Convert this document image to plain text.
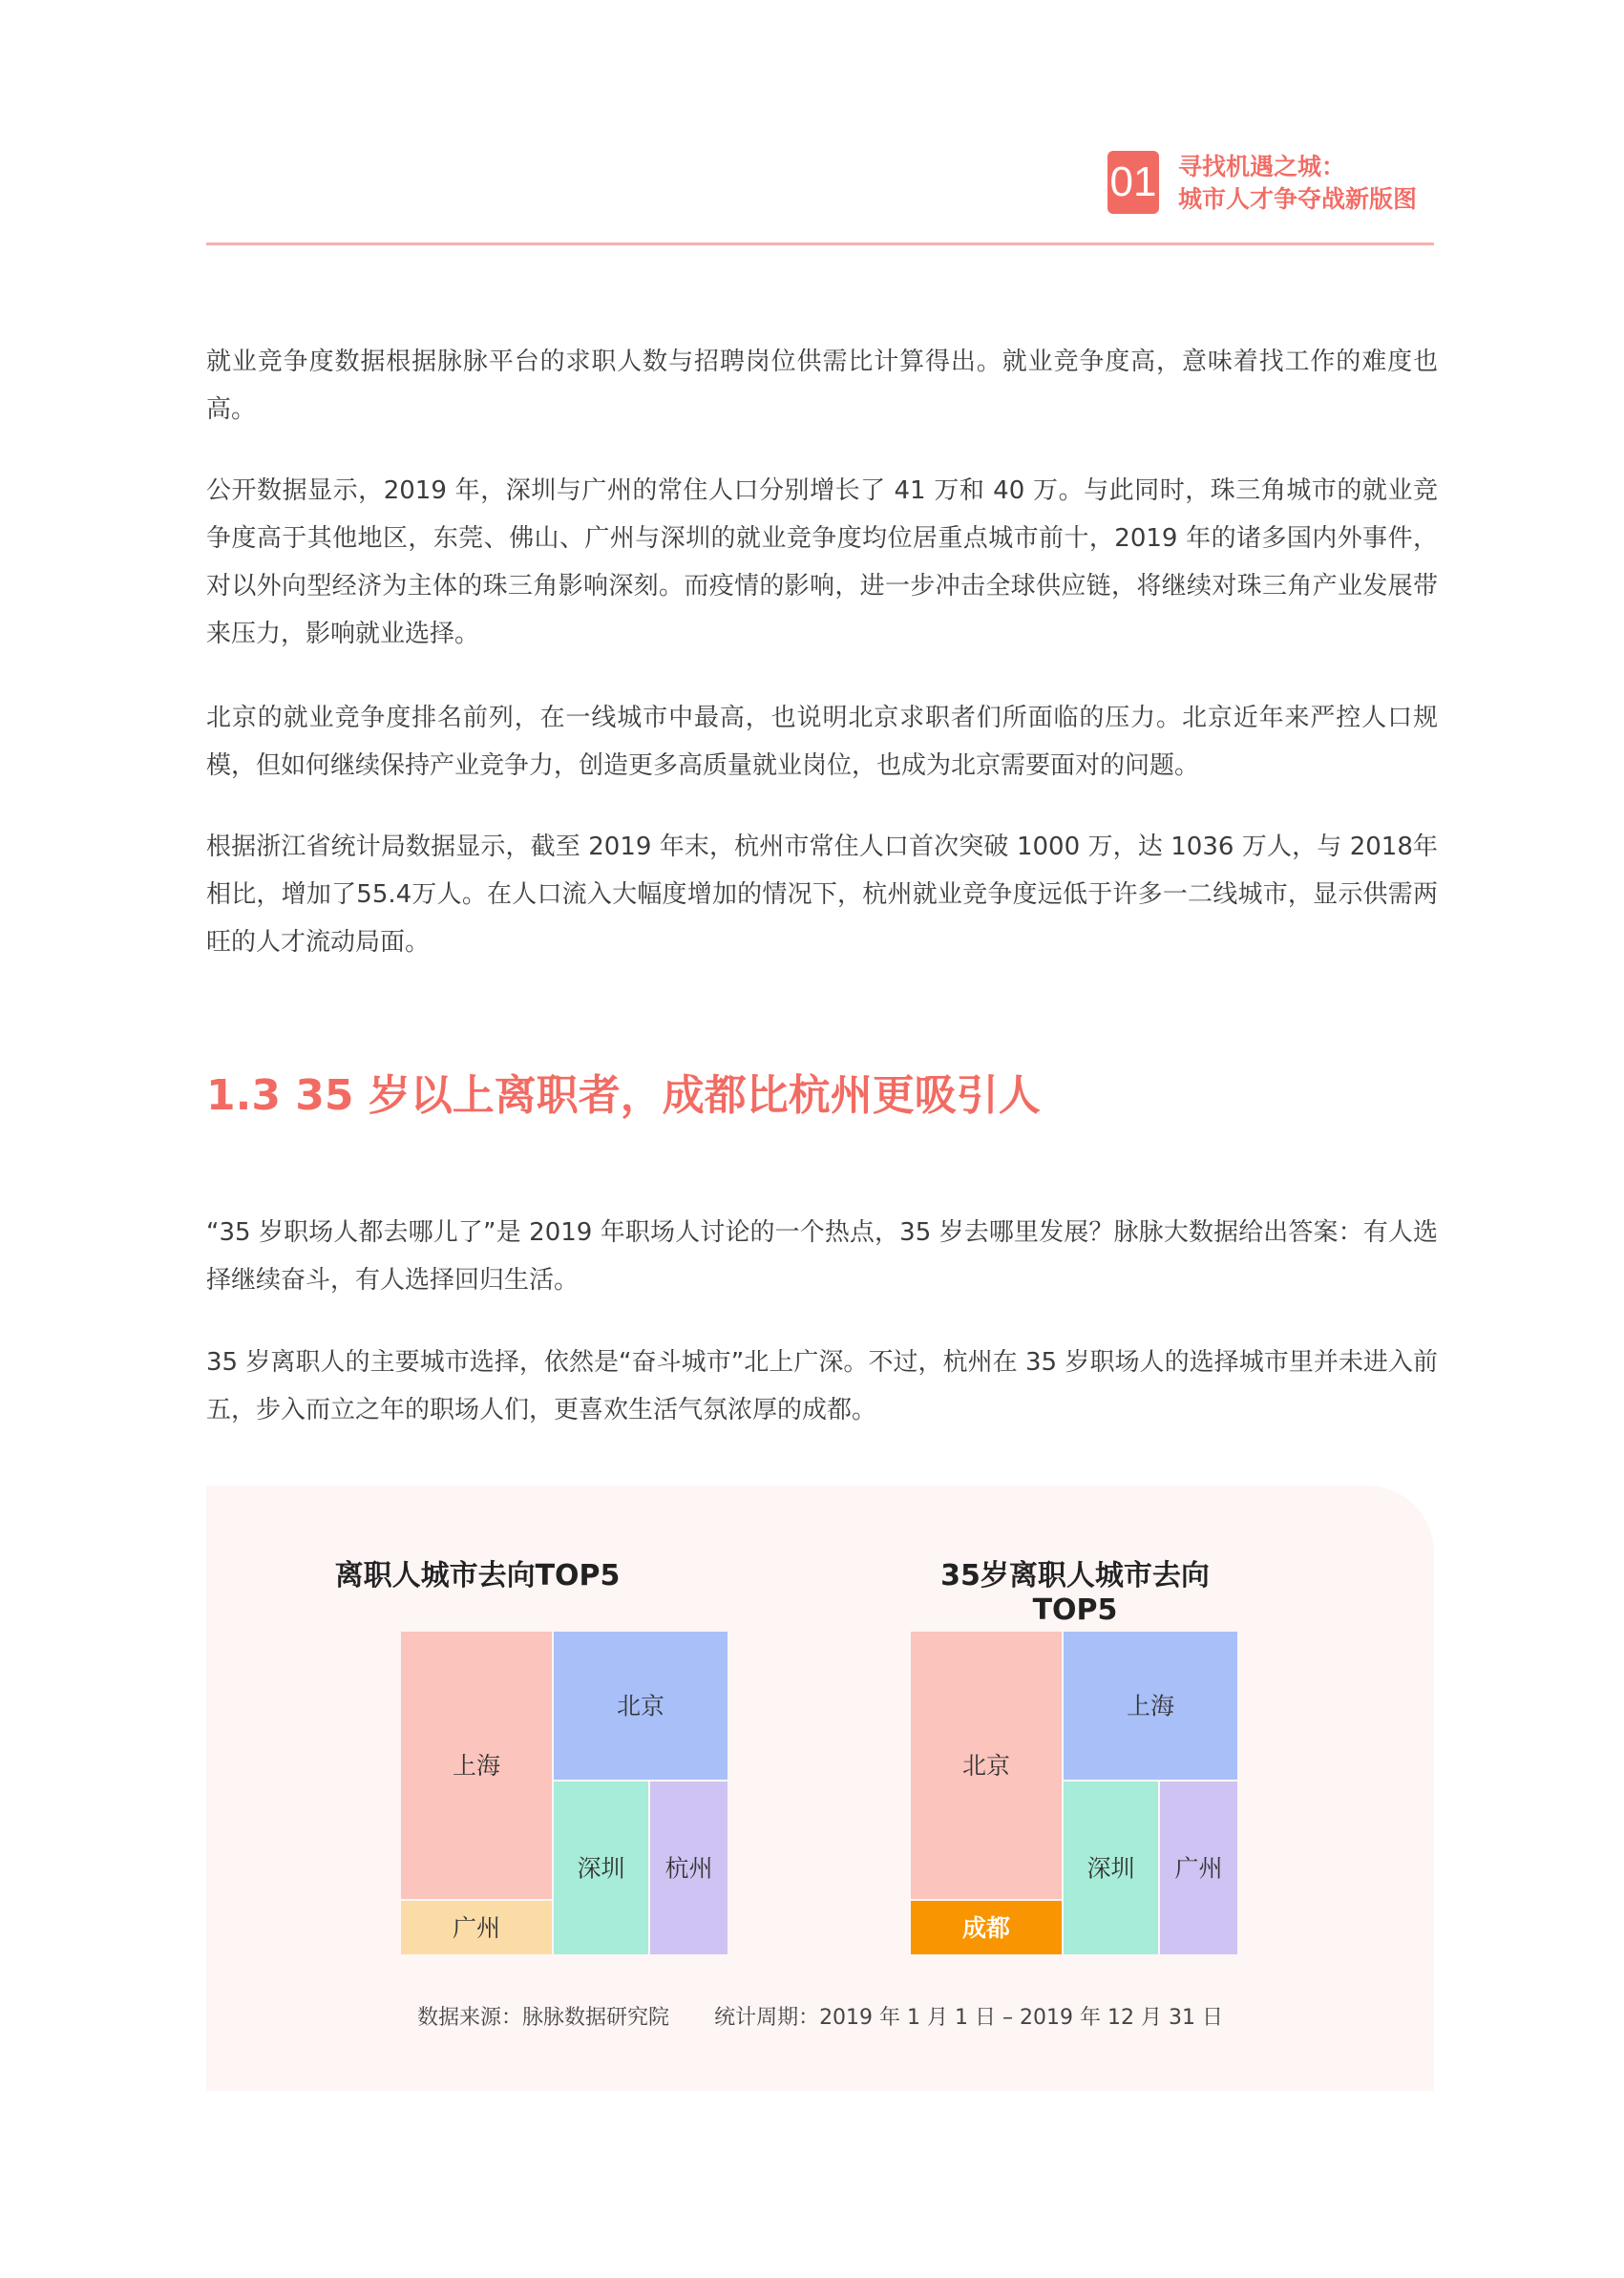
01 寻找机遇之城：
城市人才争夺战新版图

就业竞争度数据根据脉脉平台的求职人数与招聘岗位供需比计算得出。就业竞争度高，意味着找工作的难度也高。

公开数据显示，2019 年，深圳与广州的常住人口分别增长了 41 万和 40 万。与此同时，珠三角城市的就业竞争度高于其他地区，东莞、佛山、广州与深圳的就业竞争度均位居重点城市前十，2019 年的诸多国内外事件，对以外向型经济为主体的珠三角影响深刻。而疫情的影响，进一步冲击全球供应链，将继续对珠三角产业发展带来压力，影响就业选择。

北京的就业竞争度排名前列，在一线城市中最高，也说明北京求职者们所面临的压力。北京近年来严控人口规模，但如何继续保持产业竞争力，创造更多高质量就业岗位，也成为北京需要面对的问题。

根据浙江省统计局数据显示，截至 2019 年末，杭州市常住人口首次突破 1000 万，达 1036 万人，与 2018年相比，增加了55.4万人。在人口流入大幅度增加的情况下，杭州就业竞争度远低于许多一二线城市，显示供需两旺的人才流动局面。

1.3 35 岁以上离职者，成都比杭州更吸引人

“35 岁职场人都去哪儿了”是 2019 年职场人讨论的一个热点，35 岁去哪里发展？脉脉大数据给出答案：有人选择继续奋斗，有人选择回归生活。

35 岁离职人的主要城市选择，依然是“奋斗城市”北上广深。不过，杭州在 35 岁职场人的选择城市里并未进入前五，步入而立之年的职场人们，更喜欢生活气氛浓厚的成都。

离职人城市去向TOP5	35岁离职人城市去向TOP5
上海
北京
深圳 杭州
广州
北京
上海
深圳 广州
成都
数据来源：脉脉数据研究院 统计周期：2019 年 1 月 1 日 – 2019 年 12 月 31 日
